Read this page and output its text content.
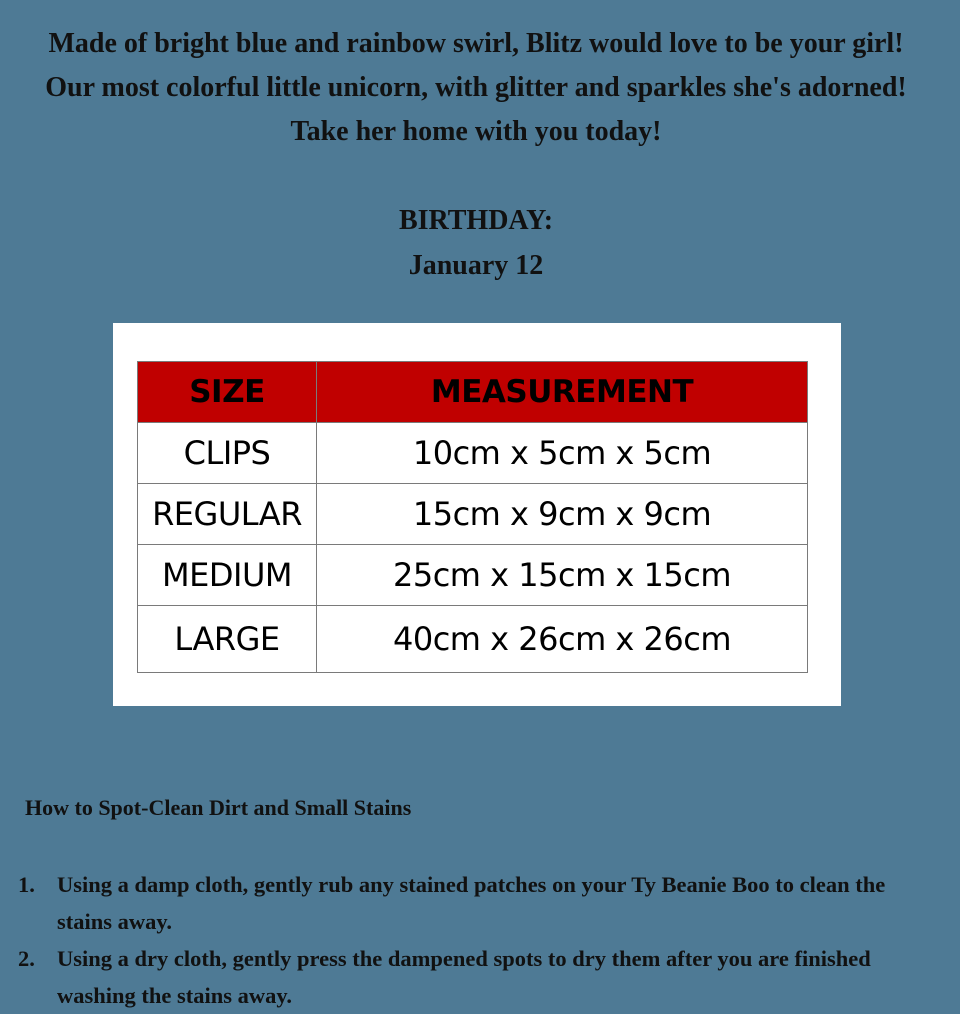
Made of bright blue and rainbow swirl, Blitz would love to be your girl!
Our most colorful little unicorn, with glitter and sparkles she's adorned!
Take her home with you today!
BIRTHDAY:
January 12
SIZE	MEASUREMENT
CLIPS	10cm x 5cm x 5cm
REGULAR	15cm x 9cm x 9cm
MEDIUM	25cm x 15cm x 15cm
LARGE	40cm x 26cm x 26cm
How to Spot-Clean Dirt and Small Stains
1. Using a damp cloth, gently rub any stained patches on your Ty Beanie Boo to clean the stains away.
2. Using a dry cloth, gently press the dampened spots to dry them after you are finished washing the stains away.
